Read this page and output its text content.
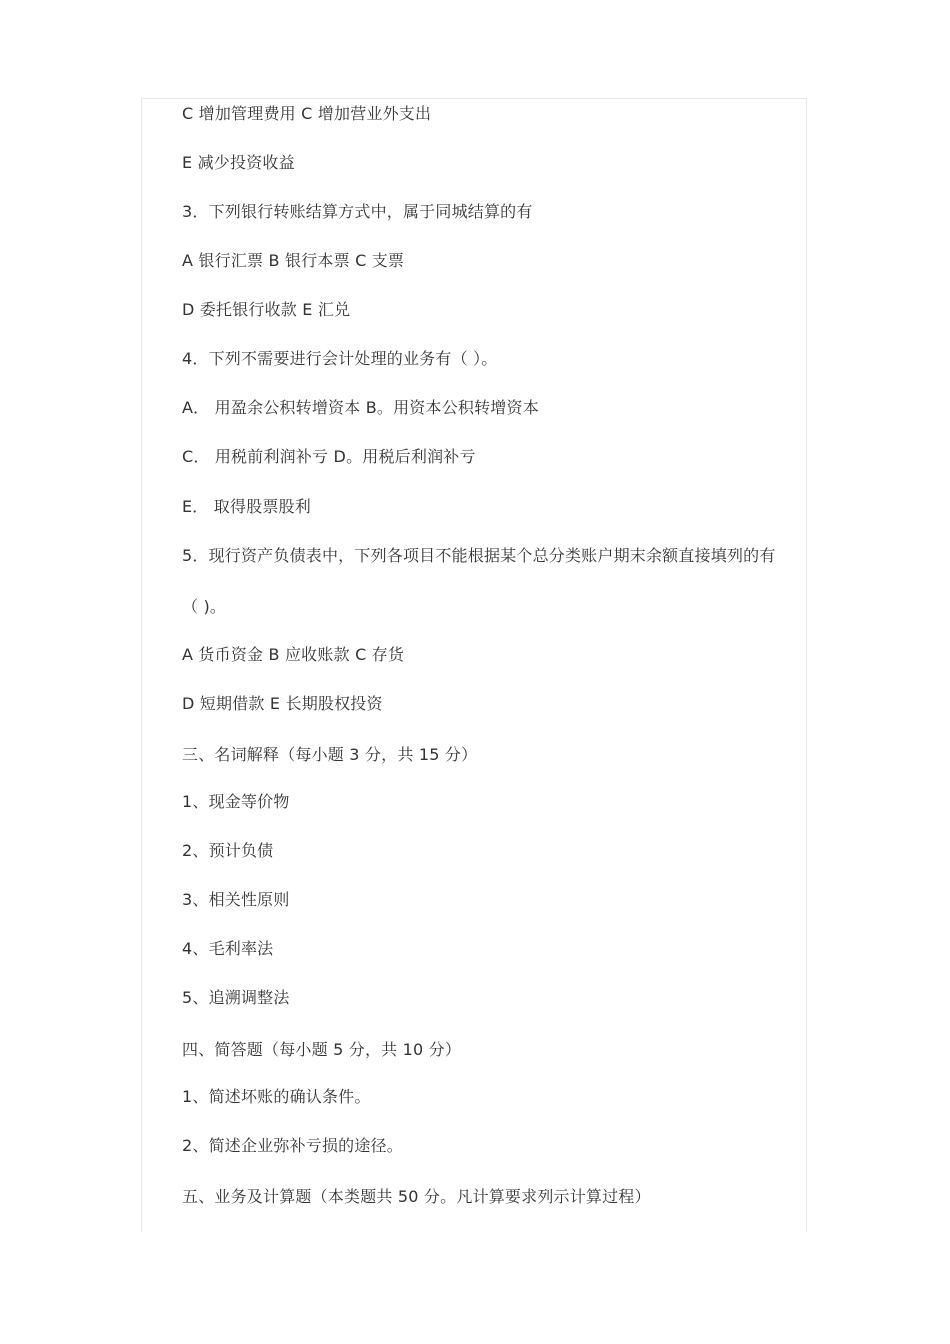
C 增加管理费用 C 增加营业外支出
E 减少投资收益
3．下列银行转账结算方式中，属于同城结算的有
A 银行汇票 B 银行本票 C 支票
D 委托银行收款 E 汇兑
4．下列不需要进行会计处理的业务有（ ）。
A． 用盈余公积转增资本 B。用资本公积转增资本
C． 用税前利润补亏 D。用税后利润补亏
E． 取得股票股利
5．现行资产负债表中，下列各项目不能根据某个总分类账户期末余额直接填列的有
（ )。
A 货币资金 B 应收账款 C 存货
D 短期借款 E 长期股权投资
三、名词解释（每小题 3 分，共 15 分）
1、现金等价物
2、预计负债
3、相关性原则
4、毛利率法
5、追溯调整法
四、简答题（每小题 5 分，共 10 分）
1、简述坏账的确认条件。
2、简述企业弥补亏损的途径。
五、业务及计算题（本类题共 50 分。凡计算要求列示计算过程）
